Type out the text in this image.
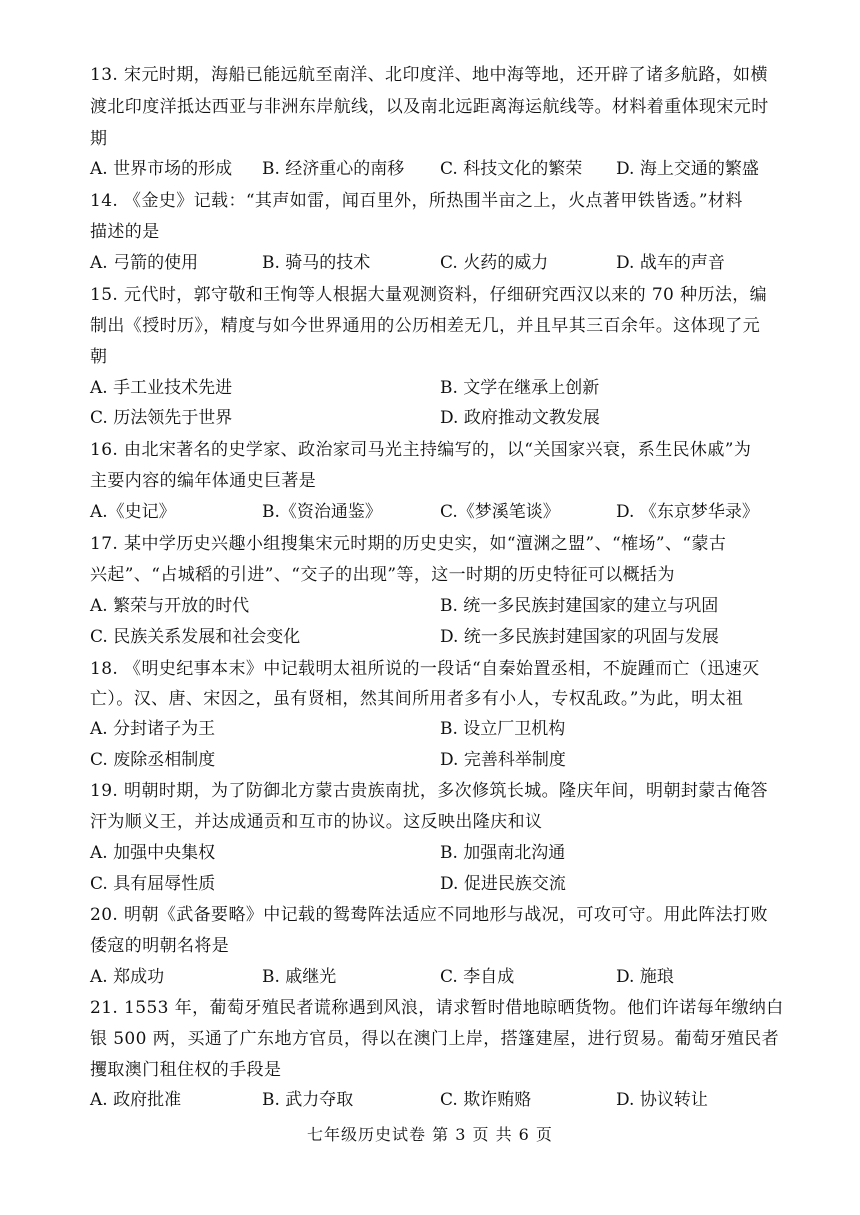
13. 宋元时期，海船已能远航至南洋、北印度洋、地中海等地，还开辟了诸多航路，如横
渡北印度洋抵达西亚与非洲东岸航线，以及南北远距离海运航线等。材料着重体现宋元时
期
A. 世界市场的形成 B. 经济重心的南移 C. 科技文化的繁荣 D. 海上交通的繁盛
14. 《金史》记载：“其声如雷，闻百里外，所热围半亩之上，火点著甲铁皆透。”材料
描述的是
A. 弓箭的使用	B. 骑马的技术	C. 火药的威力	D. 战车的声音
15. 元代时，郭守敬和王恂等人根据大量观测资料，仔细研究西汉以来的 70 种历法，编
制出《授时历》，精度与如今世界通用的公历相差无几，并且早其三百余年。这体现了元
朝
A. 手工业技术先进	B. 文学在继承上创新
C. 历法领先于世界	D. 政府推动文教发展
16. 由北宋著名的史学家、政治家司马光主持编写的，以“关国家兴衰，系生民休戚”为
主要内容的编年体通史巨著是
A.《史记》	B.《资治通鉴》	C.《梦溪笔谈》	D. 《东京梦华录》
17. 某中学历史兴趣小组搜集宋元时期的历史史实，如“澶渊之盟”、“榷场”、“蒙古
兴起”、“占城稻的引进”、“交子的出现”等，这一时期的历史特征可以概括为
A. 繁荣与开放的时代	B. 统一多民族封建国家的建立与巩固
C. 民族关系发展和社会变化	D. 统一多民族封建国家的巩固与发展
18. 《明史纪事本末》中记载明太祖所说的一段话“自秦始置丞相，不旋踵而亡（迅速灭
亡）。汉、唐、宋因之，虽有贤相，然其间所用者多有小人，专权乱政。”为此，明太祖
A. 分封诸子为王	B. 设立厂卫机构
C. 废除丞相制度	D. 完善科举制度
19. 明朝时期，为了防御北方蒙古贵族南扰，多次修筑长城。隆庆年间，明朝封蒙古俺答
汗为顺义王，并达成通贡和互市的协议。这反映出隆庆和议
A. 加强中央集权	B. 加强南北沟通
C. 具有屈辱性质	D. 促进民族交流
20. 明朝《武备要略》中记载的鸳鸯阵法适应不同地形与战况，可攻可守。用此阵法打败
倭寇的明朝名将是
A. 郑成功	B. 戚继光	C. 李自成	D. 施琅
21. 1553 年，葡萄牙殖民者谎称遇到风浪，请求暂时借地晾晒货物。他们许诺每年缴纳白
银 500 两，买通了广东地方官员，得以在澳门上岸，搭篷建屋，进行贸易。葡萄牙殖民者
攫取澳门租住权的手段是
A. 政府批准	B. 武力夺取	C. 欺诈贿赂	D. 协议转让
七年级历史试卷 第 3 页 共 6 页
